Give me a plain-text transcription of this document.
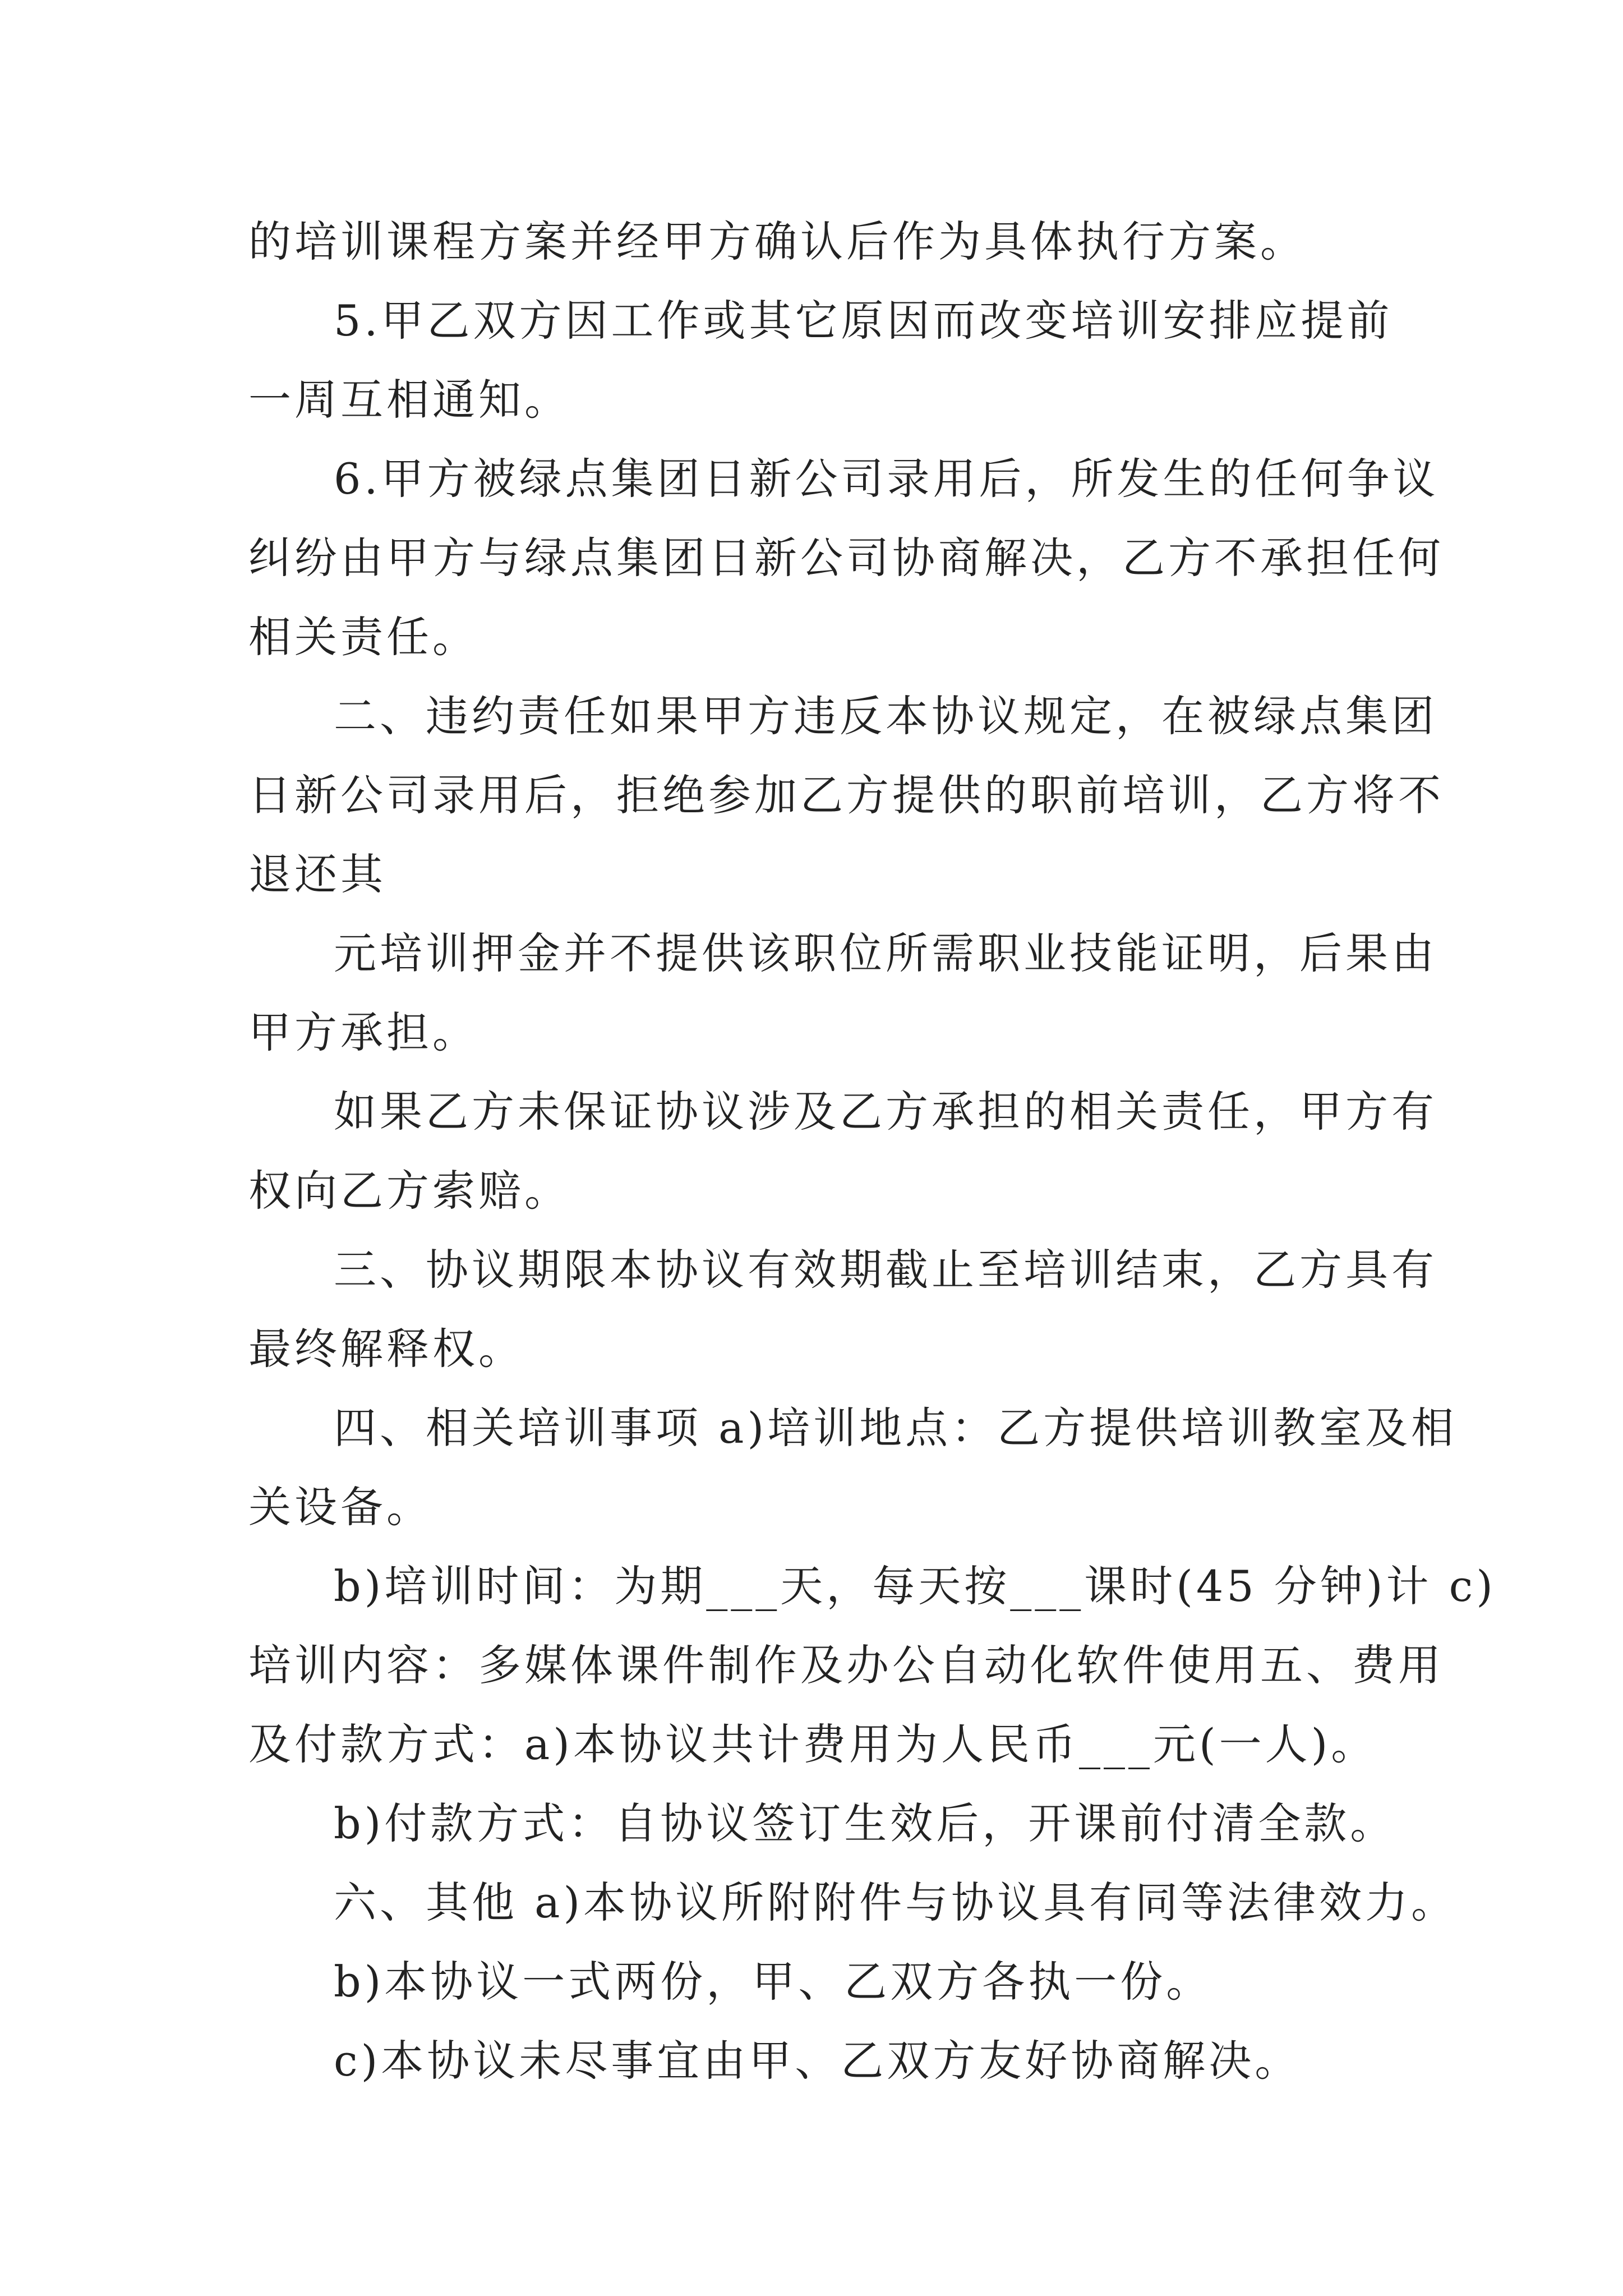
的培训课程方案并经甲方确认后作为具体执行方案。
5.甲乙双方因工作或其它原因而改变培训安排应提前
一周互相通知。
6.甲方被绿点集团日新公司录用后，所发生的任何争议
纠纷由甲方与绿点集团日新公司协商解决，乙方不承担任何
相关责任。
二、违约责任如果甲方违反本协议规定，在被绿点集团
日新公司录用后，拒绝参加乙方提供的职前培训，乙方将不
退还其
元培训押金并不提供该职位所需职业技能证明，后果由
甲方承担。
如果乙方未保证协议涉及乙方承担的相关责任，甲方有
权向乙方索赔。
三、协议期限本协议有效期截止至培训结束，乙方具有
最终解释权。
四、相关培训事项 a)培训地点：乙方提供培训教室及相
关设备。
b)培训时间：为期___天，每天按___课时(45 分钟)计 c)
培训内容：多媒体课件制作及办公自动化软件使用五、费用
及付款方式：a)本协议共计费用为人民币___元(一人)。
b)付款方式：自协议签订生效后，开课前付清全款。
六、其他 a)本协议所附附件与协议具有同等法律效力。
b)本协议一式两份，甲、乙双方各执一份。
c)本协议未尽事宜由甲、乙双方友好协商解决。
